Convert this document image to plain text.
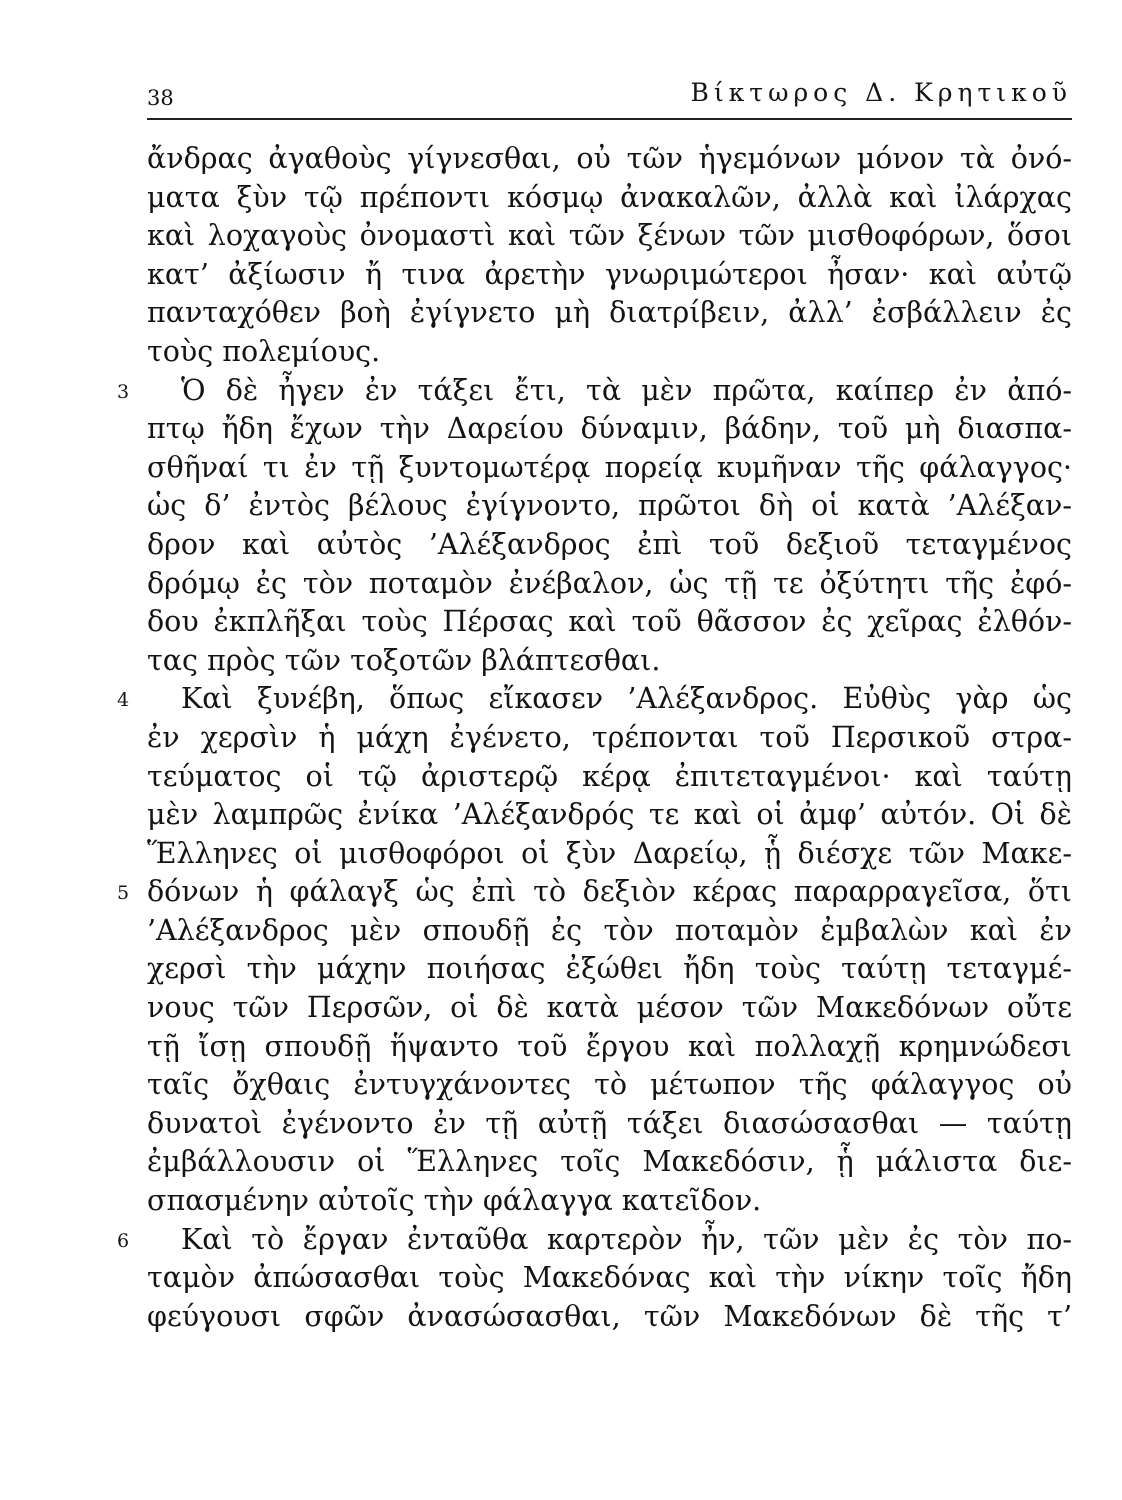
38	Βίκτωρος Δ. Κρητικοῦ
ἄνδρας ἀγαθοὺς γίγνεσθαι, οὐ τῶν ἡγεμόνων μόνον τὰ ὀνό-
ματα ξὺν τῷ πρέποντι κόσμῳ ἀνακαλῶν, ἀλλὰ καὶ ἰλάρχας
καὶ λοχαγοὺς ὀνομαστὶ καὶ τῶν ξένων τῶν μισθοφόρων, ὅσοι
κατ’ ἀξίωσιν ἤ τινα ἀρετὴν γνωριμώτεροι ἦσαν· καὶ αὐτῷ
πανταχόθεν βοὴ ἐγίγνετο μὴ διατρίβειν, ἀλλ’ ἐσβάλλειν ἐς
τοὺς πολεμίους.
3 Ὁ δὲ ἦγεν ἐν τάξει ἔτι, τὰ μὲν πρῶτα, καίπερ ἐν ἀπό-
πτῳ ἤδη ἔχων τὴν Δαρείου δύναμιν, βάδην, τοῦ μὴ διασπα-
σθῆναί τι ἐν τῇ ξυντομωτέρᾳ πορείᾳ κυμῆναν τῆς φάλαγγος·
ὡς δ’ ἐντὸς βέλους ἐγίγνοντο, πρῶτοι δὴ οἱ κατὰ ’Αλέξαν-
δρον καὶ αὐτὸς ’Αλέξανδρος ἐπὶ τοῦ δεξιοῦ τεταγμένος
δρόμῳ ἐς τὸν ποταμὸν ἐνέβαλον, ὡς τῇ τε ὀξύτητι τῆς ἐφό-
δου ἐκπλῆξαι τοὺς Πέρσας καὶ τοῦ θᾶσσον ἐς χεῖρας ἐλθόν-
τας πρὸς τῶν τοξοτῶν βλάπτεσθαι.
4 Καὶ ξυνέβη, ὅπως εἴκασεν ’Αλέξανδρος. Εὐθὺς γὰρ ὡς
ἐν χερσὶν ἡ μάχη ἐγένετο, τρέπονται τοῦ Περσικοῦ στρα-
τεύματος οἱ τῷ ἀριστερῷ κέρᾳ ἐπιτεταγμένοι· καὶ ταύτῃ
μὲν λαμπρῶς ἐνίκα ’Αλέξανδρός τε καὶ οἱ ἀμφ’ αὐτόν. Οἱ δὲ
Ἕλληνες οἱ μισθοφόροι οἱ ξὺν Δαρείῳ, ᾗ διέσχε τῶν Μακε-
5 δόνων ἡ φάλαγξ ὡς ἐπὶ τὸ δεξιὸν κέρας παραρραγεῖσα, ὅτι
’Αλέξανδρος μὲν σπουδῇ ἐς τὸν ποταμὸν ἐμβαλὼν καὶ ἐν
χερσὶ τὴν μάχην ποιήσας ἐξώθει ἤδη τοὺς ταύτῃ τεταγμέ-
νους τῶν Περσῶν, οἱ δὲ κατὰ μέσον τῶν Μακεδόνων οὔτε
τῇ ἴσῃ σπουδῇ ἥψαντο τοῦ ἔργου καὶ πολλαχῇ κρημνώδεσι
ταῖς ὄχθαις ἐντυγχάνοντες τὸ μέτωπον τῆς φάλαγγος οὐ
δυνατοὶ ἐγένοντο ἐν τῇ αὐτῇ τάξει διασώσασθαι — ταύτῃ
ἐμβάλλουσιν οἱ Ἕλληνες τοῖς Μακεδόσιν, ᾗ μάλιστα διε-
σπασμένην αὐτοῖς τὴν φάλαγγα κατεῖδον.
6 Καὶ τὸ ἔργαν ἐνταῦθα καρτερὸν ἦν, τῶν μὲν ἐς τὸν πο-
ταμὸν ἀπώσασθαι τοὺς Μακεδόνας καὶ τὴν νίκην τοῖς ἤδη
φεύγουσι σφῶν ἀνασώσασθαι, τῶν Μακεδόνων δὲ τῆς τ’
